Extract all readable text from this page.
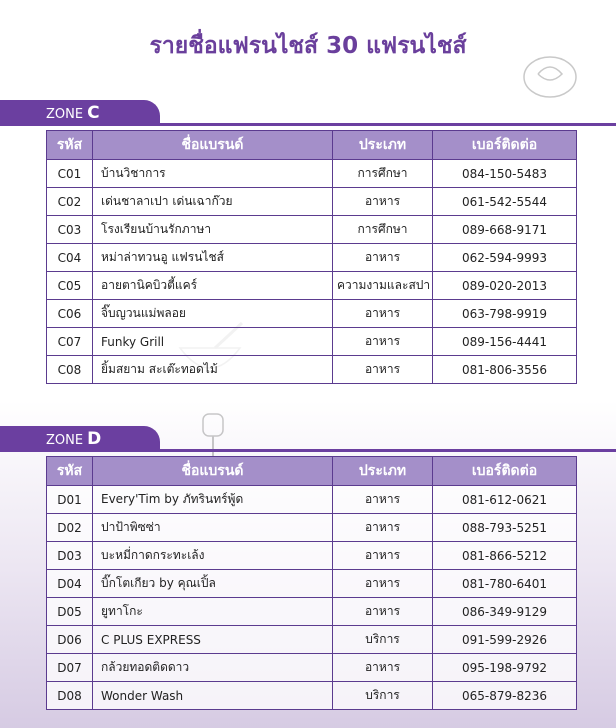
รายชื่อแฟรนไชส์ 30 แฟรนไชส์
ZONE C
รหัส	ชื่อแบรนด์	ประเภท	เบอร์ติดต่อ
C01	บ้านวิชาการ	การศึกษา	084-150-5483
C02	เด่นชาลาเปา เด่นเฉาก๊วย	อาหาร	061-542-5544
C03	โรงเรียนบ้านรักภาษา	การศึกษา	089-668-9171
C04	หม่าล่าทวนอู แฟรนไชส์	อาหาร	062-594-9993
C05	อายตานิคบิวตี้แคร์	ความงามและสปา	089-020-2013
C06	จิ๊บญวนแม่พลอย	อาหาร	063-798-9919
C07	Funky Grill	อาหาร	089-156-4441
C08	ยิ้มสยาม สะเต๊ะทอดไม้	อาหาร	081-806-3556
ZONE D
รหัส	ชื่อแบรนด์	ประเภท	เบอร์ติดต่อ
D01	Every'Tim by ภัทรินทร์พู้ด	อาหาร	081-612-0621
D02	ปาป้าพิซซ่า	อาหาร	088-793-5251
D03	บะหมี่กาดกระทะเล้ง	อาหาร	081-866-5212
D04	บิ๊กโตเกียว by คุณเปิ้ล	อาหาร	081-780-6401
D05	ยูทาโกะ	อาหาร	086-349-9129
D06	C PLUS EXPRESS	บริการ	091-599-2926
D07	กล้วยทอดติดดาว	อาหาร	095-198-9792
D08	Wonder Wash	บริการ	065-879-8236
